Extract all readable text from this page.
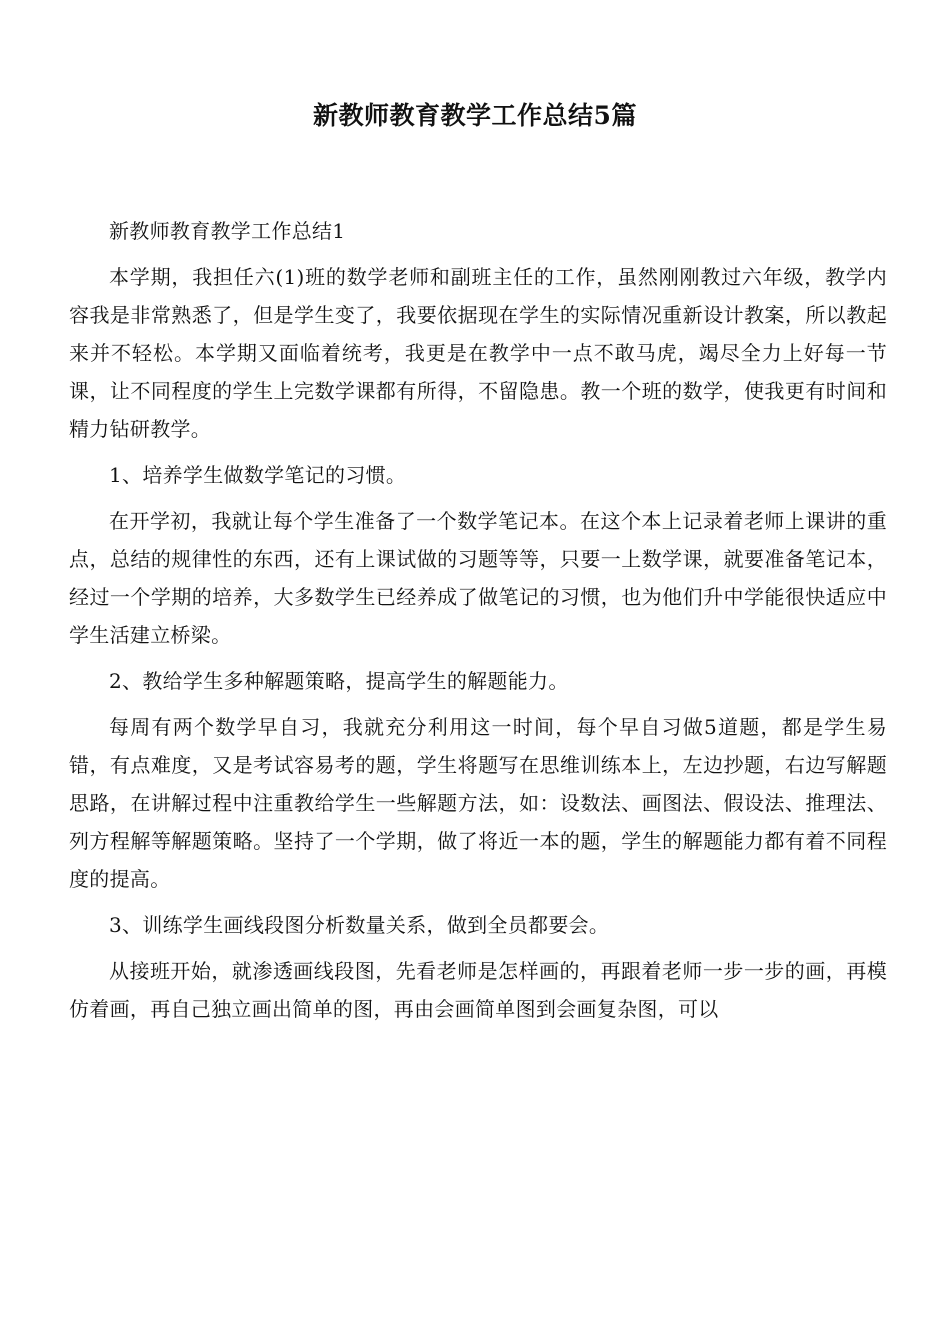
新教师教育教学工作总结5篇

新教师教育教学工作总结1

本学期，我担任六(1)班的数学老师和副班主任的工作，虽然刚刚教过六年级，教学内容我是非常熟悉了，但是学生变了，我要依据现在学生的实际情况重新设计教案，所以教起来并不轻松。本学期又面临着统考，我更是在教学中一点不敢马虎，竭尽全力上好每一节课，让不同程度的学生上完数学课都有所得，不留隐患。教一个班的数学，使我更有时间和精力钻研教学。

1、培养学生做数学笔记的习惯。

在开学初，我就让每个学生准备了一个数学笔记本。在这个本上记录着老师上课讲的重点，总结的规律性的东西，还有上课试做的习题等等，只要一上数学课，就要准备笔记本，经过一个学期的培养，大多数学生已经养成了做笔记的习惯，也为他们升中学能很快适应中学生活建立桥梁。

2、教给学生多种解题策略，提高学生的解题能力。

每周有两个数学早自习，我就充分利用这一时间，每个早自习做5道题，都是学生易错，有点难度，又是考试容易考的题，学生将题写在思维训练本上，左边抄题，右边写解题思路，在讲解过程中注重教给学生一些解题方法，如：设数法、画图法、假设法、推理法、列方程解等解题策略。坚持了一个学期，做了将近一本的题，学生的解题能力都有着不同程度的提高。

3、训练学生画线段图分析数量关系，做到全员都要会。

从接班开始，就渗透画线段图，先看老师是怎样画的，再跟着老师一步一步的画，再模仿着画，再自己独立画出简单的图，再由会画简单图到会画复杂图，可以
